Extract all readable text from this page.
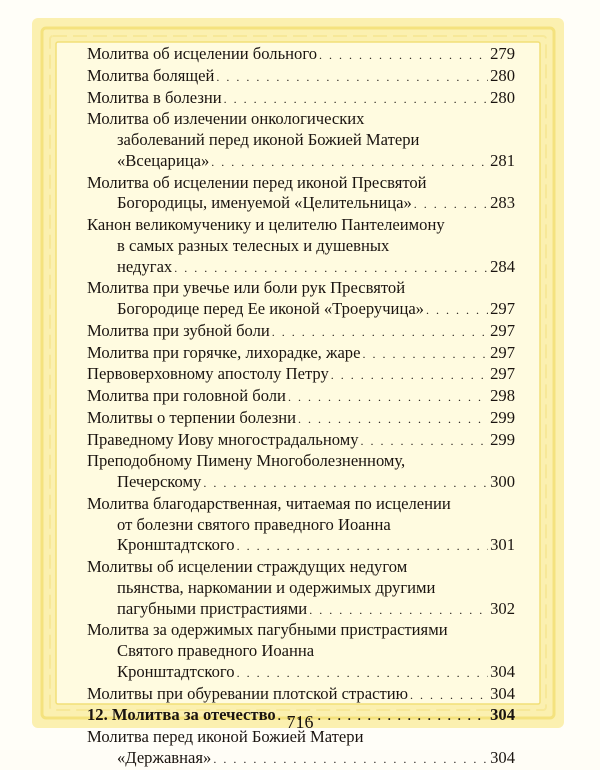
Молитва об исцелении больного . . .	279
Молитва болящей . . .	280
Молитва в болезни . . .	280
Молитва об излечении онкологических
заболеваний перед иконой Божией Матери
«Всецарица» . . .	281
Молитва об исцелении перед иконой Пресвятой
Богородицы, именуемой «Целительница» . . .	283
Канон великомученику и целителю Пантелеимону
в самых разных телесных и душевных
недугах . . .	284
Молитва при увечье или боли рук Пресвятой
Богородице перед Ее иконой «Троеручица» . . .	297
Молитва при зубной боли . . .	297
Молитва при горячке, лихорадке, жаре . . .	297
Первоверховному апостолу Петру . . .	297
Молитва при головной боли . . .	298
Молитвы о терпении болезни . . .	299
Праведному Иову многострадальному . . .	299
Преподобному Пимену Многоболезненному,
Печерскому . . .	300
Молитва благодарственная, читаемая по исцелении
от болезни святого праведного Иоанна
Кронштадтского . . .	301
Молитвы об исцелении страждущих недугом
пьянства, наркомании и одержимых другими
пагубными пристрастиями . . .	302
Молитва за одержимых пагубными пристрастиями
Святого праведного Иоанна
Кронштадтского . . .	304
Молитвы при обуревании плотской страстию . . .	304
12. Молитва за отечество . . .	304
Молитва перед иконой Божией Матери
«Державная» . . .	304
716
